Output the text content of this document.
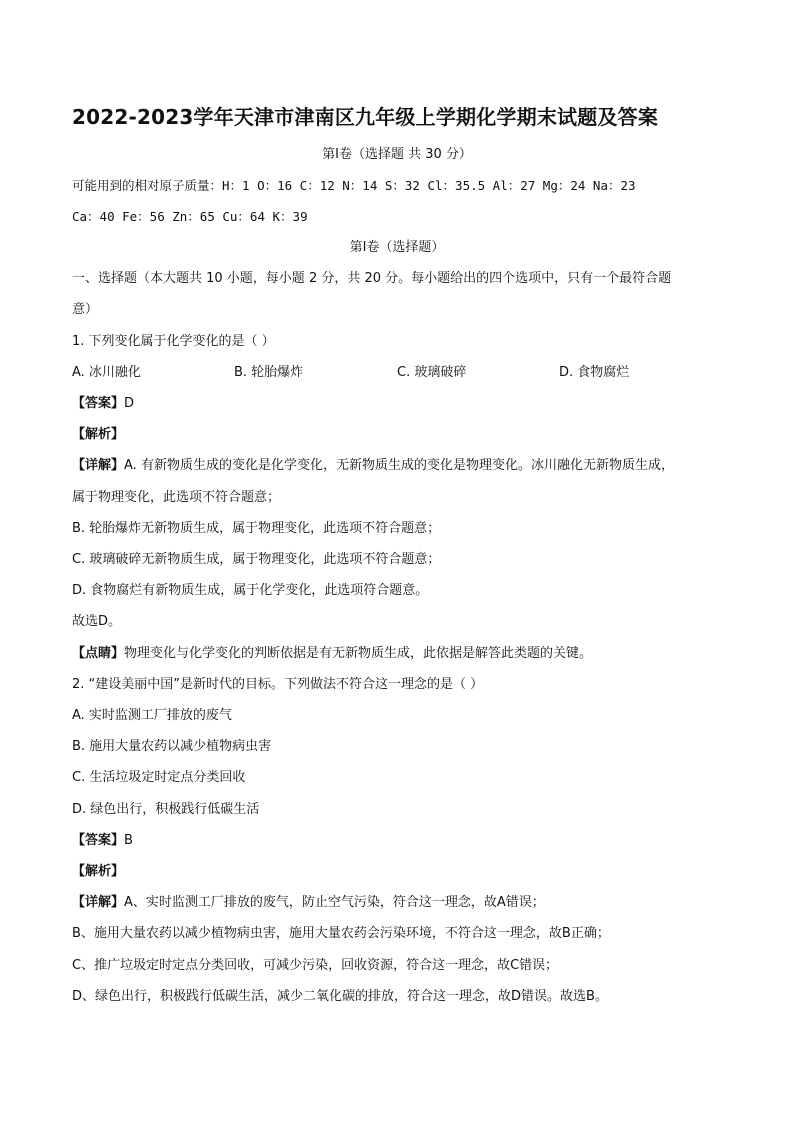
2022-2023学年天津市津南区九年级上学期化学期末试题及答案
第Ⅰ卷（选择题 共 30 分）
可能用到的相对原子质量：H：1 O：16 C：12 N：14 S：32 Cl：35.5 Al：27 Mg：24 Na：23
Ca：40 Fe：56 Zn：65 Cu：64 K：39
第Ⅰ卷（选择题）
一、选择题（本大题共 10 小题，每小题 2 分，共 20 分。每小题给出的四个选项中，只有一个最符合题
意）
1. 下列变化属于化学变化的是（ ）
A. 冰川融化	B. 轮胎爆炸	C. 玻璃破碎	D. 食物腐烂
【答案】D
【解析】
【详解】A. 有新物质生成的变化是化学变化，无新物质生成的变化是物理变化。冰川融化无新物质生成，
属于物理变化，此选项不符合题意；
B. 轮胎爆炸无新物质生成，属于物理变化，此选项不符合题意；
C. 玻璃破碎无新物质生成，属于物理变化，此选项不符合题意；
D. 食物腐烂有新物质生成，属于化学变化，此选项符合题意。
故选D。
【点睛】物理变化与化学变化的判断依据是有无新物质生成，此依据是解答此类题的关键。
2. “建设美丽中国”是新时代的目标。下列做法不符合这一理念的是（ ）
A. 实时监测工厂排放的废气
B. 施用大量农药以减少植物病虫害
C. 生活垃圾定时定点分类回收
D. 绿色出行，积极践行低碳生活
【答案】B
【解析】
【详解】A、实时监测工厂排放的废气，防止空气污染，符合这一理念，故A错误；
B、施用大量农药以减少植物病虫害，施用大量农药会污染环境，不符合这一理念，故B正确；
C、推广垃圾定时定点分类回收，可减少污染，回收资源，符合这一理念，故C错误；
D、绿色出行，积极践行低碳生活，减少二氧化碳的排放，符合这一理念，故D错误。故选B。
